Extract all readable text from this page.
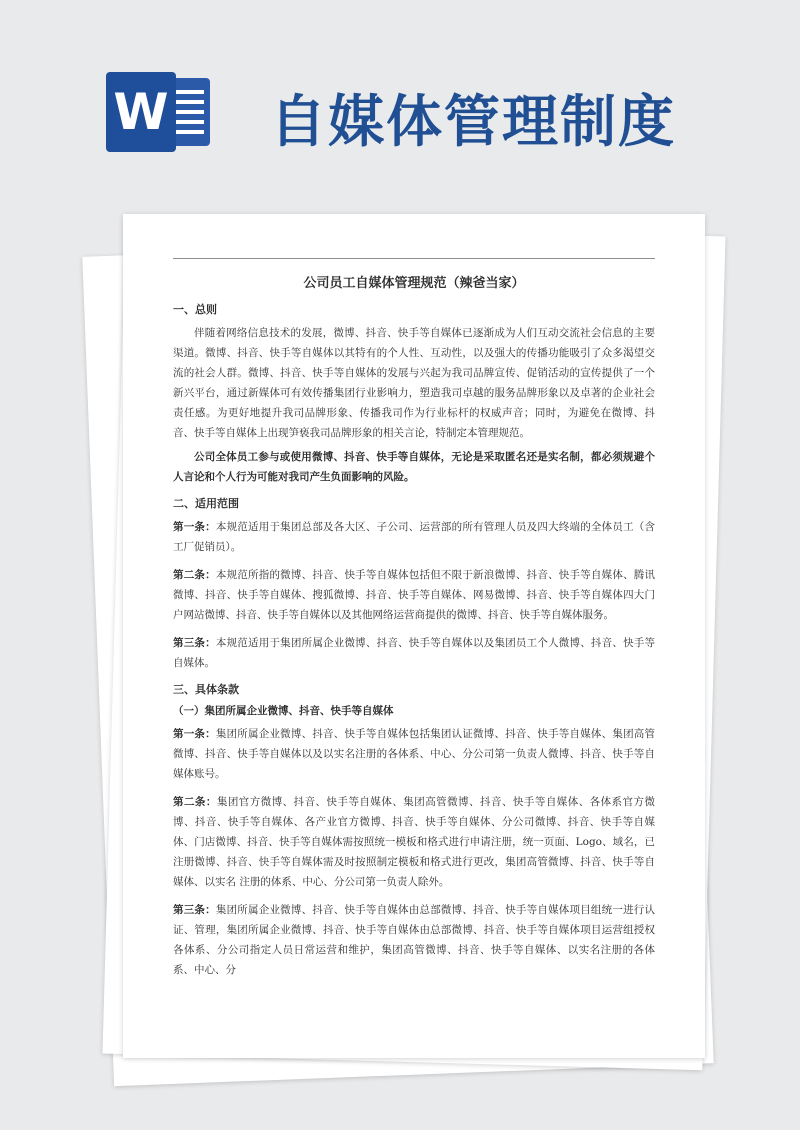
W 自媒体管理制度
公司员工自媒体管理规范（辣爸当家）
一、总则

伴随着网络信息技术的发展，微博、抖音、快手等自媒体已逐渐成为人们互动交流社会信息的主要渠道。微博、抖音、快手等自媒体以其特有的个人性、互动性，以及强大的传播功能吸引了众多渴望交流的社会人群。微博、抖音、快手等自媒体的发展与兴起为我司品牌宣传、促销活动的宣传提供了一个新兴平台，通过新媒体可有效传播集团行业影响力，塑造我司卓越的服务品牌形象以及卓著的企业社会责任感。为更好地提升我司品牌形象、传播我司作为行业标杆的权威声音；同时，为避免在微博、抖音、快手等自媒体上出现笋亵我司品牌形象的相关言论，特制定本管理规范。

公司全体员工参与或使用微博、抖音、快手等自媒体，无论是采取匿名还是实名制，都必须规避个人言论和个人行为可能对我司产生负面影响的风险。

二、适用范围

第一条：本规范适用于集团总部及各大区、子公司、运营部的所有管理人员及四大终端的全体员工（含工厂促销员）。

第二条：本规范所指的微博、抖音、快手等自媒体包括但不限于新浪微博、抖音、快手等自媒体、腾讯微博、抖音、快手等自媒体、搜狐微博、抖音、快手等自媒体、网易微博、抖音、快手等自媒体四大门户网站微博、抖音、快手等自媒体以及其他网络运营商提供的微博、抖音、快手等自媒体服务。

第三条：本规范适用于集团所属企业微博、抖音、快手等自媒体以及集团员工个人微博、抖音、快手等自媒体。

三、具体条款
（一）集团所属企业微博、抖音、快手等自媒体

第一条：集团所属企业微博、抖音、快手等自媒体包括集团认证微博、抖音、快手等自媒体、集团高管微博、抖音、快手等自媒体以及以实名注册的各体系、中心、分公司第一负责人微博、抖音、快手等自媒体账号。

第二条：集团官方微博、抖音、快手等自媒体、集团高管微博、抖音、快手等自媒体、各体系官方微博、抖音、快手等自媒体、各产业官方微博、抖音、快手等自媒体、分公司微博、抖音、快手等自媒体、门店微博、抖音、快手等自媒体需按照统一模板和格式进行申请注册，统一页面、Logo、域名，已注册微博、抖音、快手等自媒体需及时按照制定模板和格式进行更改，集团高管微博、抖音、快手等自媒体、以实名 注册的体系、中心、分公司第一负责人除外。

第三条：集团所属企业微博、抖音、快手等自媒体由总部微博、抖音、快手等自媒体项目组统一进行认证、管理，集团所属企业微博、抖音、快手等自媒体由总部微博、抖音、快手等自媒体项目运营组授权各体系、分公司指定人员日常运营和维护，集团高管微博、抖音、快手等自媒体、以实名注册的各体系、中心、分
